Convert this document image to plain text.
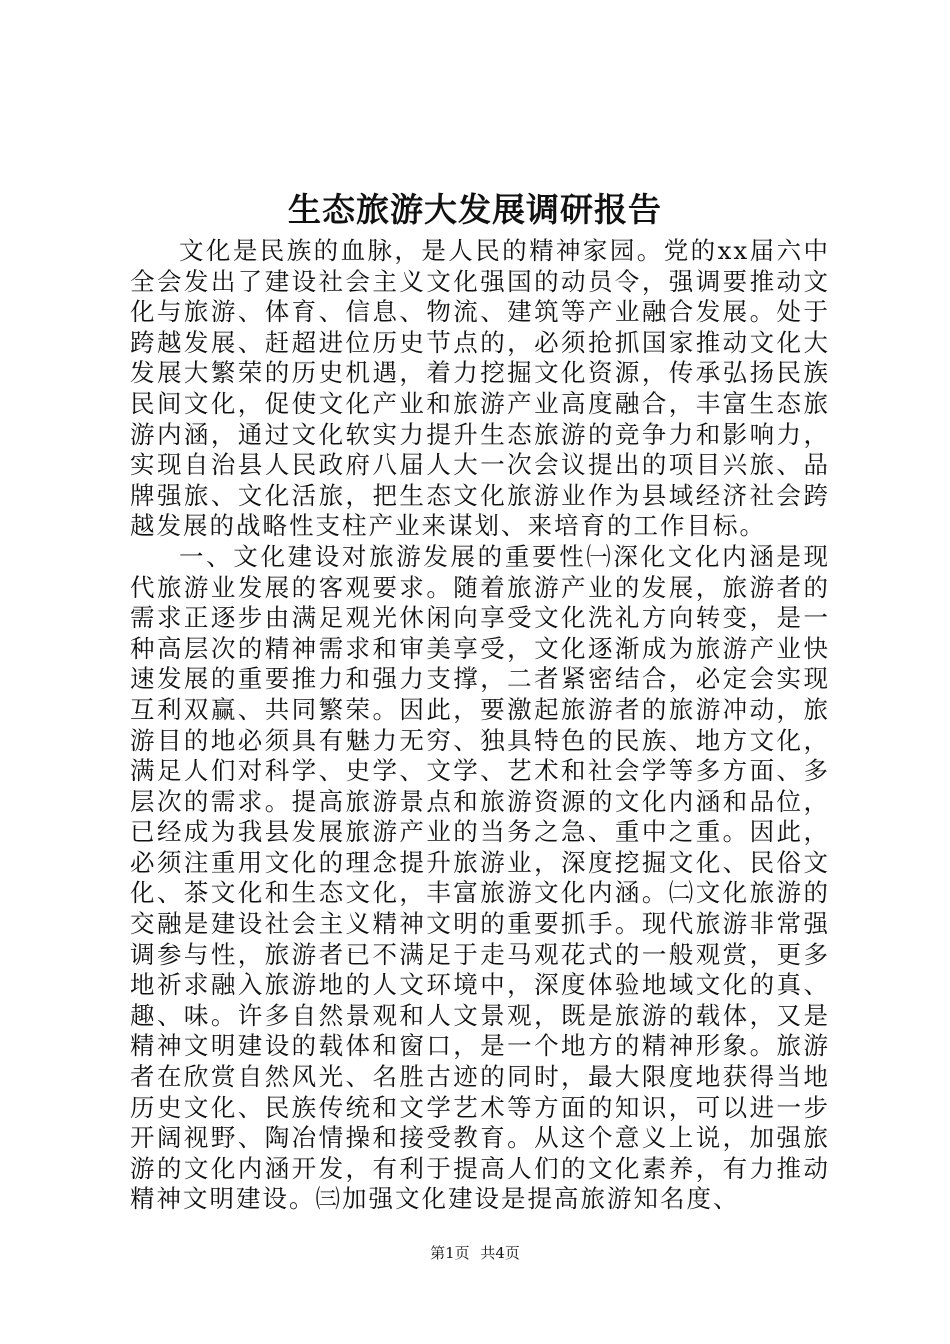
生态旅游大发展调研报告

文化是民族的血脉，是人民的精神家园。党的xx届六中全会发出了建设社会主义文化强国的动员令，强调要推动文化与旅游、体育、信息、物流、建筑等产业融合发展。处于跨越发展、赶超进位历史节点的，必须抢抓国家推动文化大发展大繁荣的历史机遇，着力挖掘文化资源，传承弘扬民族民间文化，促使文化产业和旅游产业高度融合，丰富生态旅游内涵，通过文化软实力提升生态旅游的竞争力和影响力，实现自治县人民政府八届人大一次会议提出的项目兴旅、品牌强旅、文化活旅，把生态文化旅游业作为县域经济社会跨越发展的战略性支柱产业来谋划、来培育的工作目标。

一、文化建设对旅游发展的重要性㈠深化文化内涵是现代旅游业发展的客观要求。随着旅游产业的发展，旅游者的需求正逐步由满足观光休闲向享受文化洗礼方向转变，是一种高层次的精神需求和审美享受，文化逐渐成为旅游产业快速发展的重要推力和强力支撑，二者紧密结合，必定会实现互利双赢、共同繁荣。因此，要激起旅游者的旅游冲动，旅游目的地必须具有魅力无穷、独具特色的民族、地方文化，满足人们对科学、史学、文学、艺术和社会学等多方面、多层次的需求。提高旅游景点和旅游资源的文化内涵和品位，已经成为我县发展旅游产业的当务之急、重中之重。因此，必须注重用文化的理念提升旅游业，深度挖掘文化、民俗文化、茶文化和生态文化，丰富旅游文化内涵。㈡文化旅游的交融是建设社会主义精神文明的重要抓手。现代旅游非常强调参与性，旅游者已不满足于走马观花式的一般观赏，更多地祈求融入旅游地的人文环境中，深度体验地域文化的真、趣、味。许多自然景观和人文景观，既是旅游的载体，又是精神文明建设的载体和窗口，是一个地方的精神形象。旅游者在欣赏自然风光、名胜古迹的同时，最大限度地获得当地历史文化、民族传统和文学艺术等方面的知识，可以进一步开阔视野、陶冶情操和接受教育。从这个意义上说，加强旅游的文化内涵开发，有利于提高人们的文化素养，有力推动精神文明建设。㈢加强文化建设是提高旅游知名度、

第1页 共4页
